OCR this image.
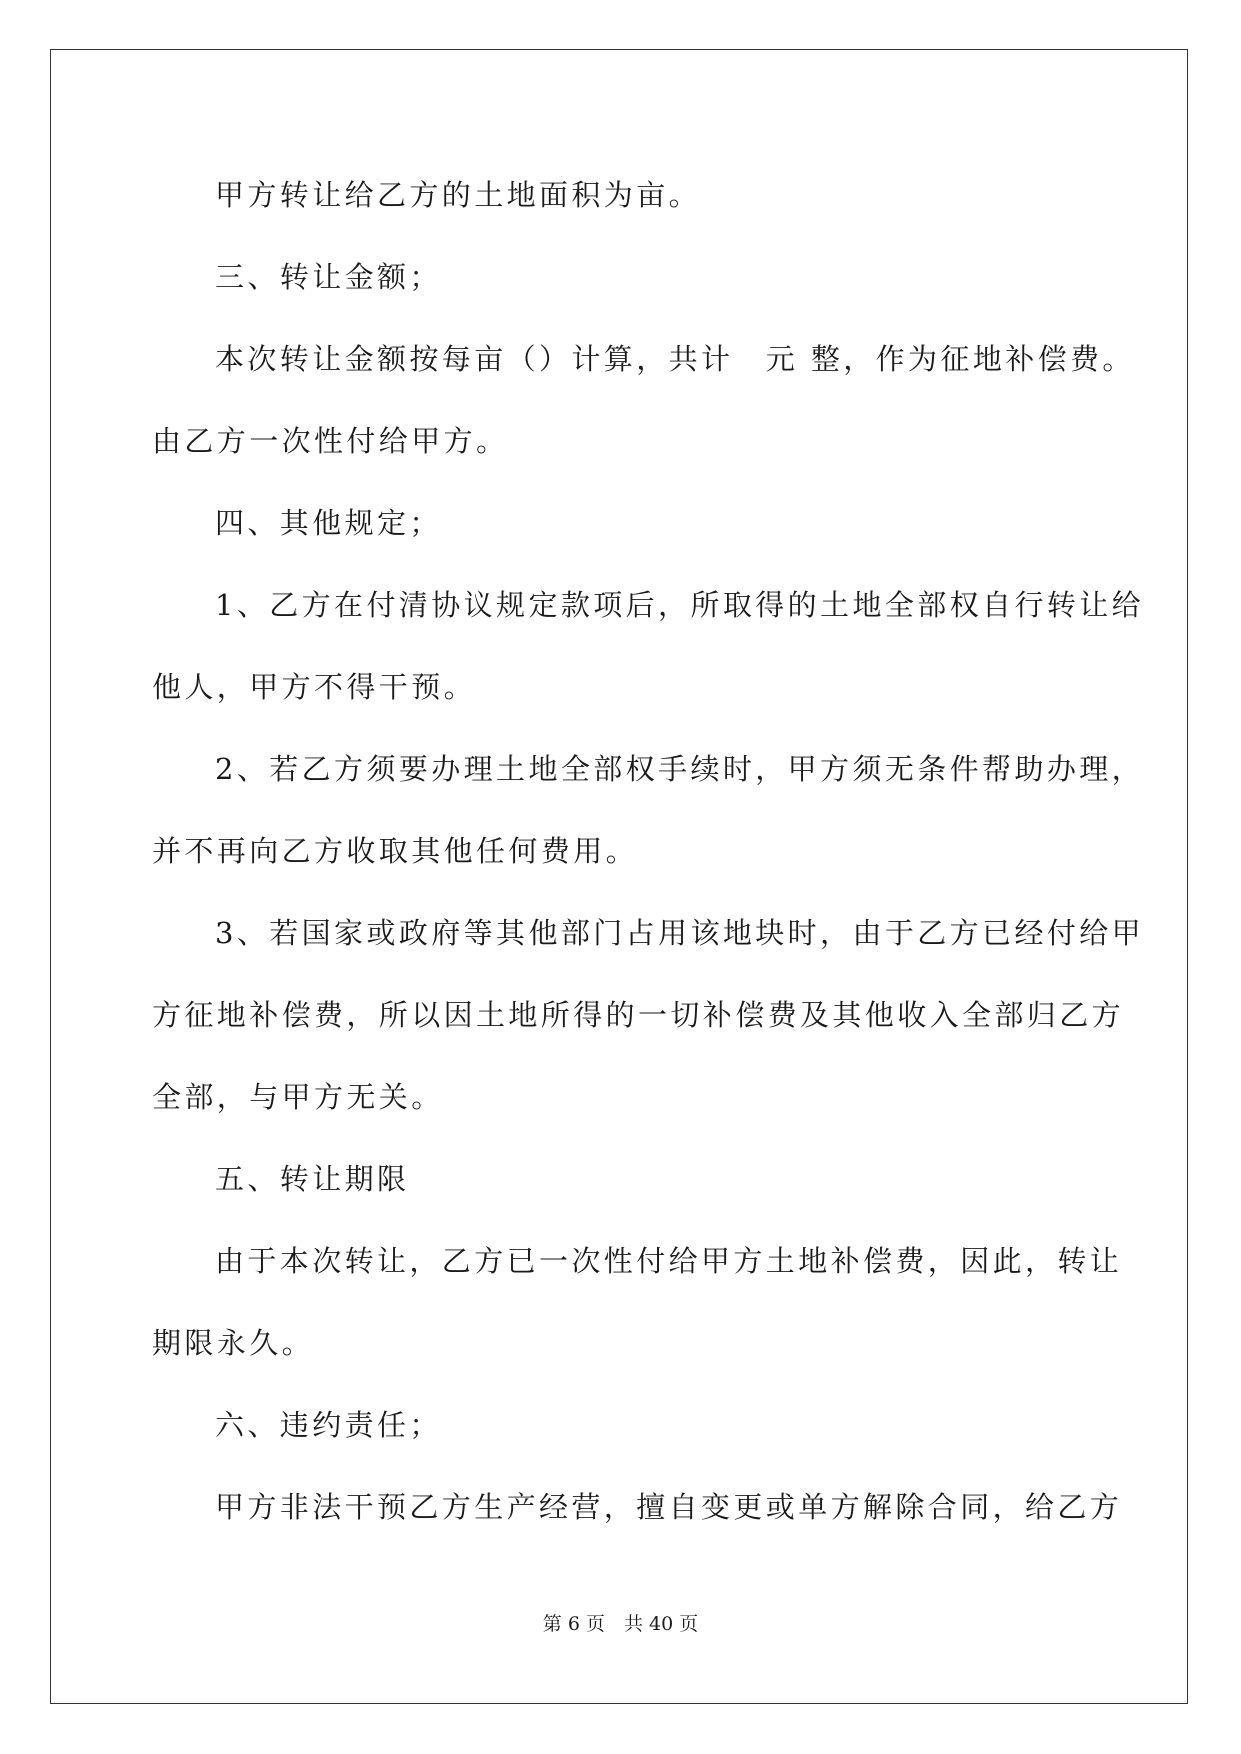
甲方转让给乙方的土地面积为亩。
三、转让金额；
本次转让金额按每亩（）计算，共计　元 整，作为征地补偿费。
由乙方一次性付给甲方。
四、其他规定；
1、乙方在付清协议规定款项后，所取得的土地全部权自行转让给
他人，甲方不得干预。
2、若乙方须要办理土地全部权手续时，甲方须无条件帮助办理，
并不再向乙方收取其他任何费用。
3、若国家或政府等其他部门占用该地块时，由于乙方已经付给甲
方征地补偿费，所以因土地所得的一切补偿费及其他收入全部归乙方
全部，与甲方无关。
五、转让期限
由于本次转让，乙方已一次性付给甲方土地补偿费，因此，转让
期限永久。
六、违约责任；
甲方非法干预乙方生产经营，擅自变更或单方解除合同，给乙方
第 6 页　共 40 页
